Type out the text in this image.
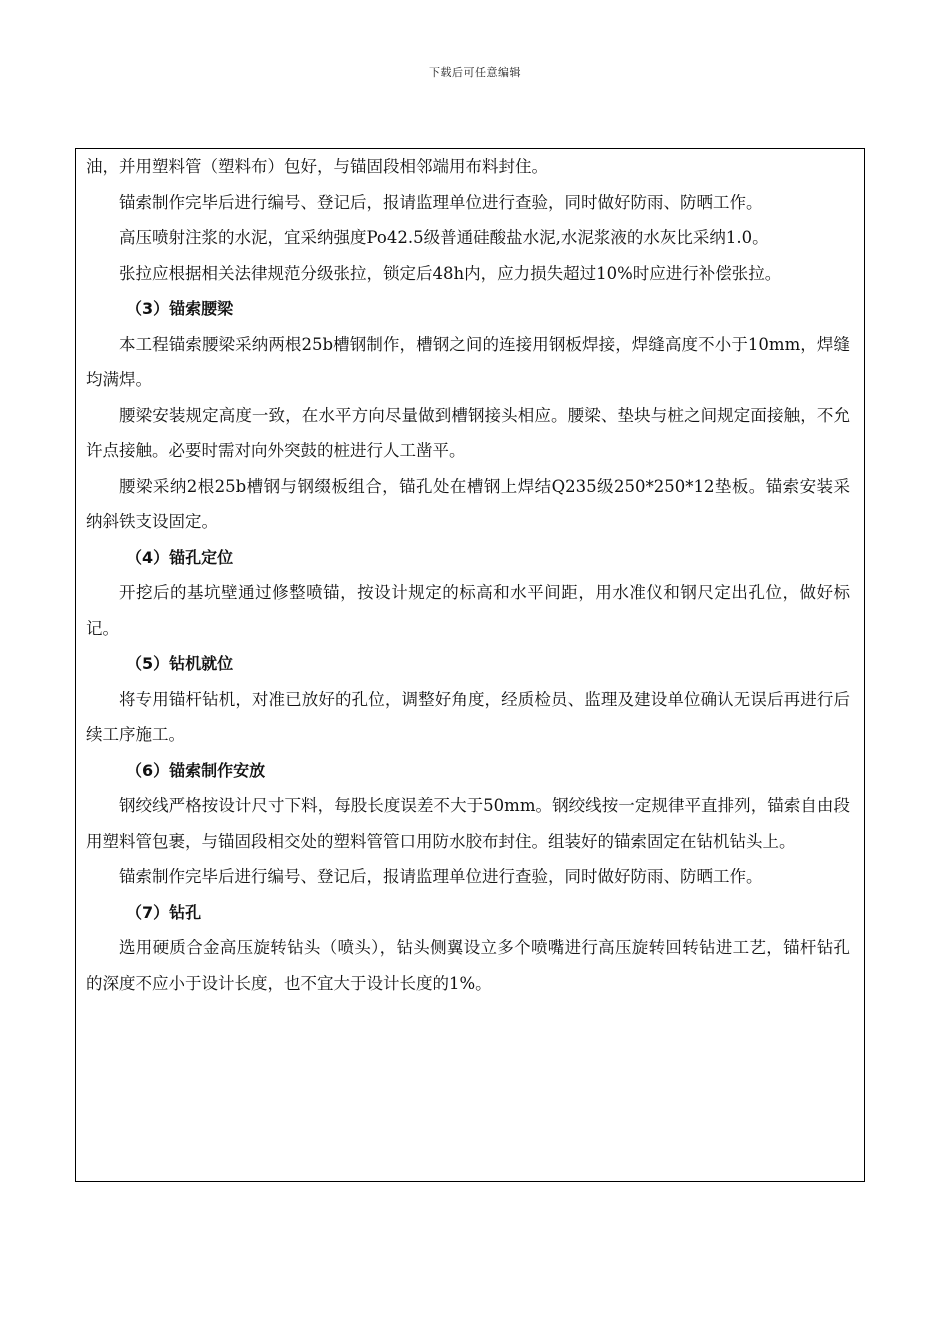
下载后可任意编辑

油，并用塑料管（塑料布）包好，与锚固段相邻端用布料封住。

锚索制作完毕后进行编号、登记后，报请监理单位进行查验，同时做好防雨、防晒工作。

高压喷射注浆的水泥，宜采纳强度Po42.5级普通硅酸盐水泥,水泥浆液的水灰比采纳1.0。

张拉应根据相关法律规范分级张拉，锁定后48h内，应力损失超过10%时应进行补偿张拉。

（3）锚索腰梁

本工程锚索腰梁采纳两根25b槽钢制作，槽钢之间的连接用钢板焊接，焊缝高度不小于10mm，焊缝均满焊。

腰梁安装规定高度一致，在水平方向尽量做到槽钢接头相应。腰梁、垫块与桩之间规定面接触，不允许点接触。必要时需对向外突鼓的桩进行人工凿平。

腰梁采纳2根25b槽钢与钢缀板组合，锚孔处在槽钢上焊结Q235级250*250*12垫板。锚索安装采纳斜铁支设固定。

（4）锚孔定位

开挖后的基坑壁通过修整喷锚，按设计规定的标高和水平间距，用水准仪和钢尺定出孔位，做好标记。

（5）钻机就位

将专用锚杆钻机，对准已放好的孔位，调整好角度，经质检员、监理及建设单位确认无误后再进行后续工序施工。

（6）锚索制作安放

钢绞线严格按设计尺寸下料，每股长度误差不大于50mm。钢绞线按一定规律平直排列，锚索自由段用塑料管包裹，与锚固段相交处的塑料管管口用防水胶布封住。组装好的锚索固定在钻机钻头上。

锚索制作完毕后进行编号、登记后，报请监理单位进行查验，同时做好防雨、防晒工作。

（7）钻孔

选用硬质合金高压旋转钻头（喷头），钻头侧翼设立多个喷嘴进行高压旋转回转钻进工艺，锚杆钻孔的深度不应小于设计长度，也不宜大于设计长度的1%。
